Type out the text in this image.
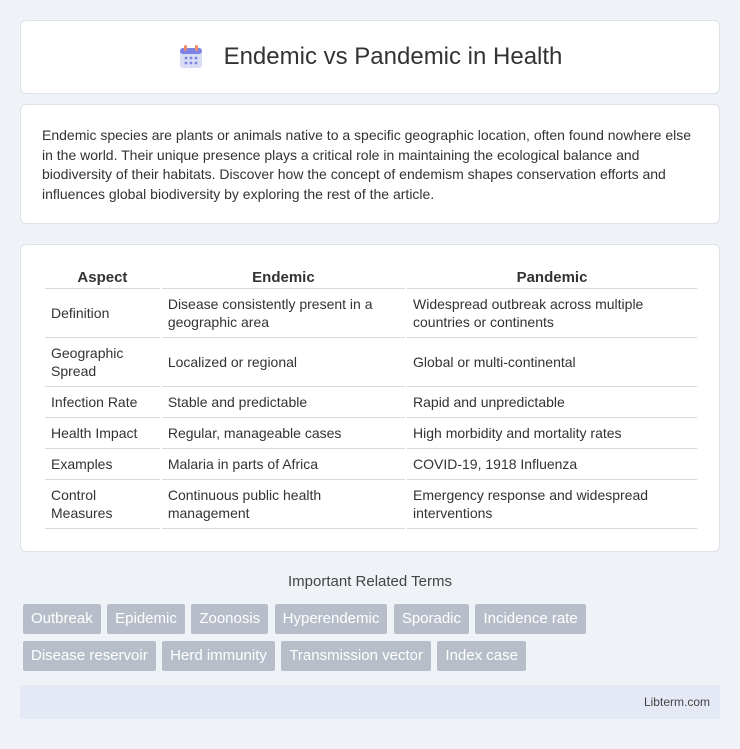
Endemic vs Pandemic in Health

Endemic species are plants or animals native to a specific geographic location, often found nowhere else in the world. Their unique presence plays a critical role in maintaining the ecological balance and biodiversity of their habitats. Discover how the concept of endemism shapes conservation efforts and influences global biodiversity by exploring the rest of the article.

Aspect	Endemic	Pandemic
Definition	Disease consistently present in a geographic area	Widespread outbreak across multiple countries or continents
Geographic Spread	Localized or regional	Global or multi-continental
Infection Rate	Stable and predictable	Rapid and unpredictable
Health Impact	Regular, manageable cases	High morbidity and mortality rates
Examples	Malaria in parts of Africa	COVID-19, 1918 Influenza
Control Measures	Continuous public health management	Emergency response and widespread interventions
Important Related Terms
Outbreak Epidemic Zoonosis Hyperendemic Sporadic Incidence rate
Disease reservoir Herd immunity Transmission vector Index case
Libterm.com
